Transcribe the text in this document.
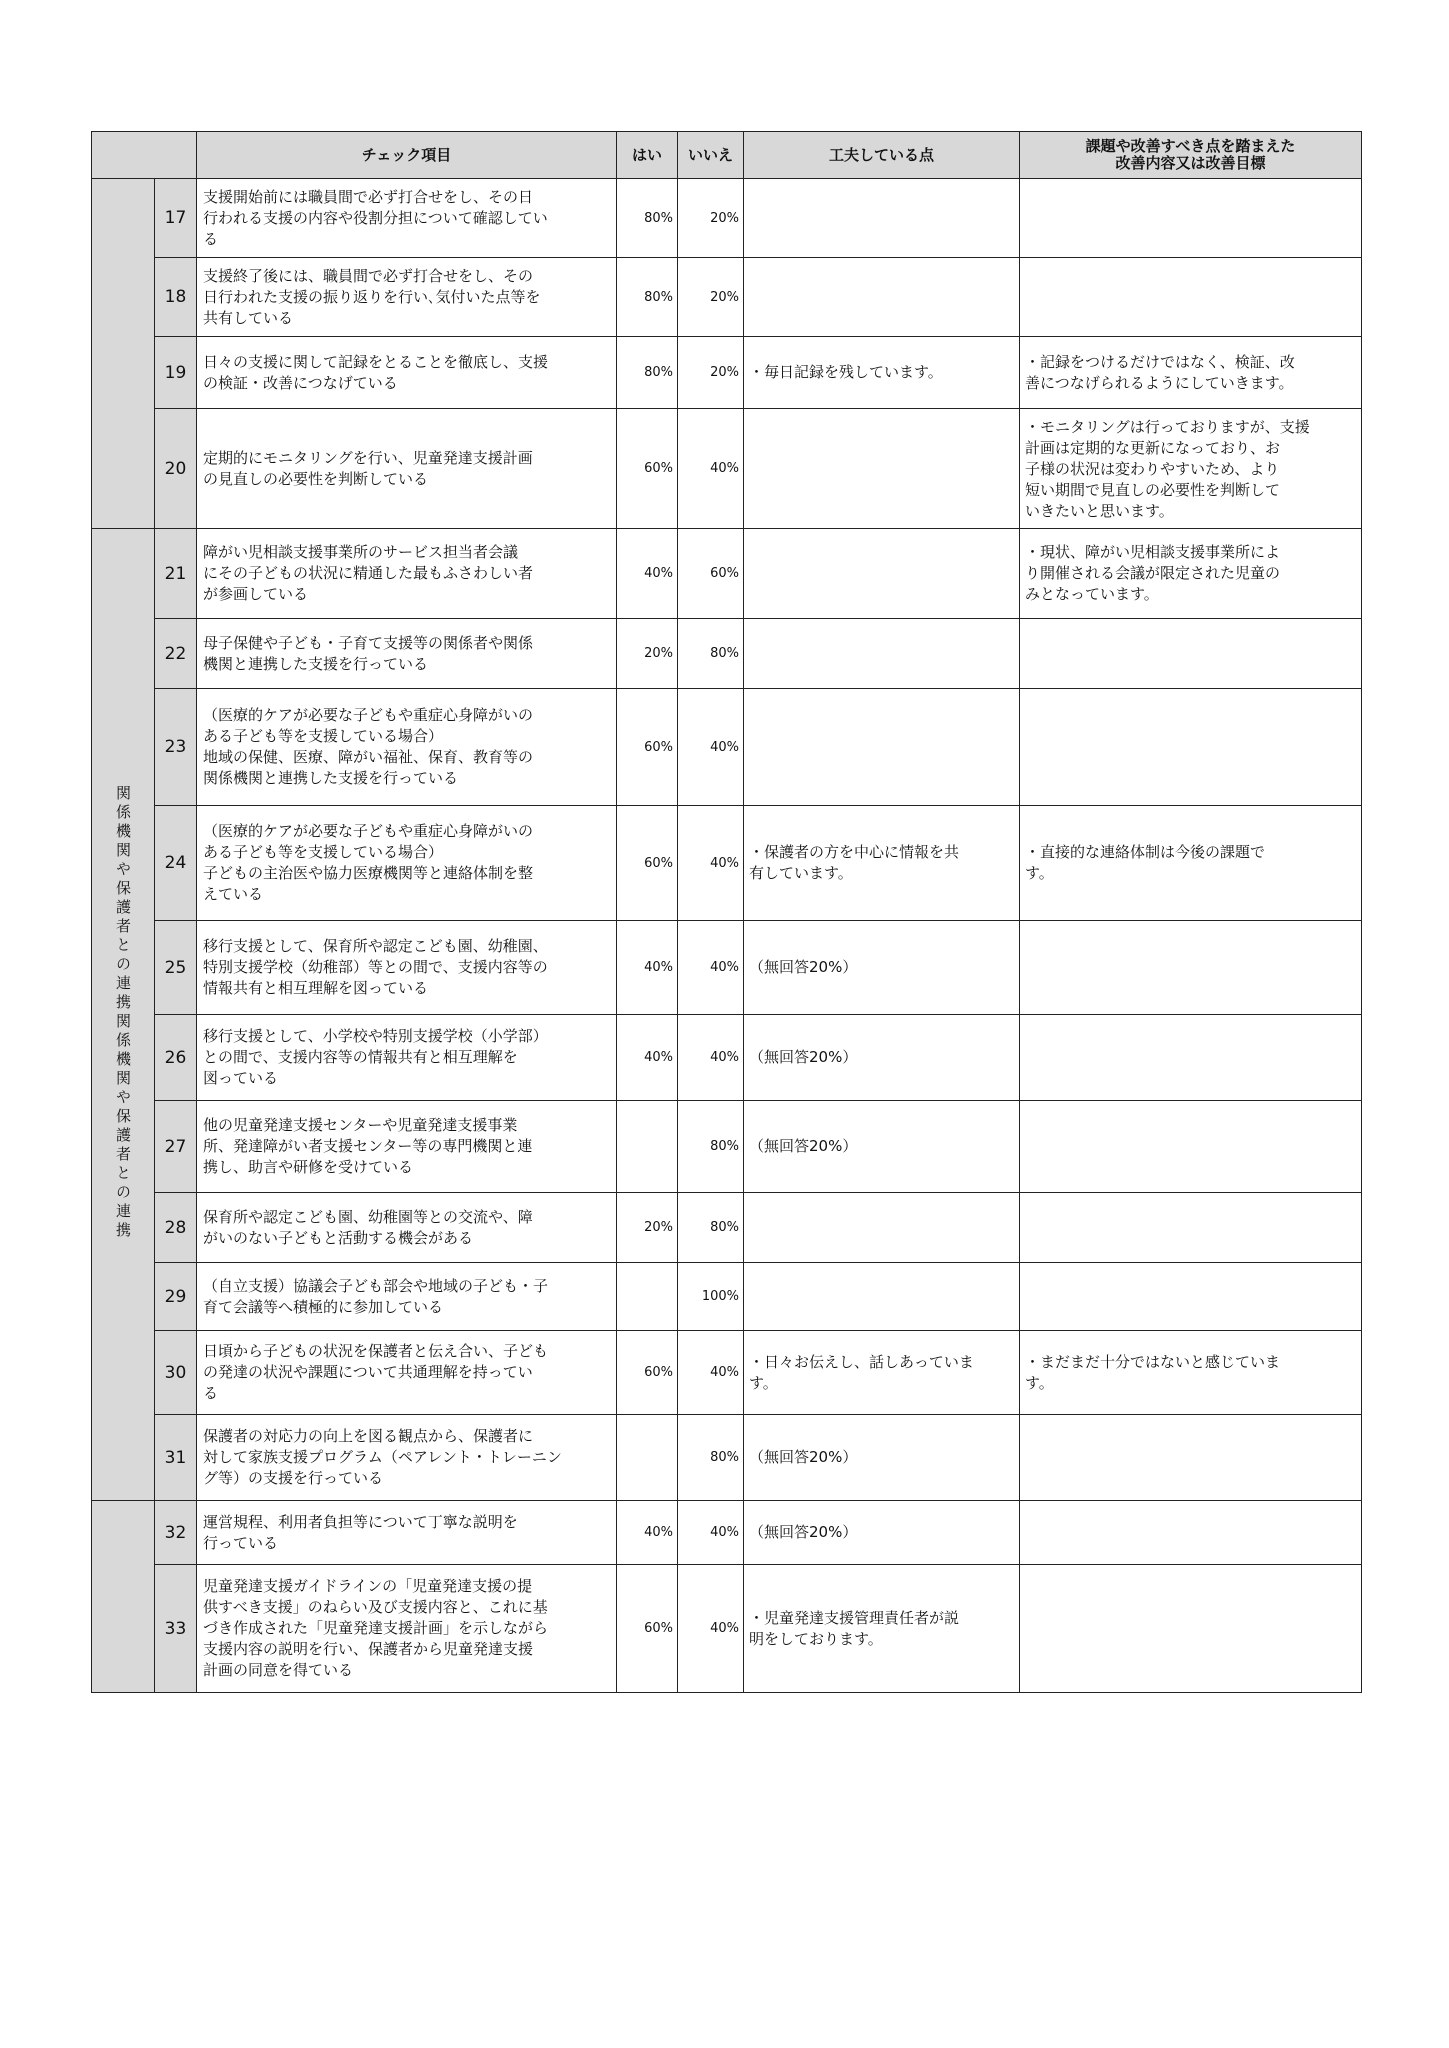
		チェック項目	はい	いいえ	工夫している点	課題や改善すべき点を踏まえた
改善内容又は改善目標
	17	支援開始前には職員間で必ず打合せをし、その日
行われる支援の内容や役割分担について確認してい
る	80%	20%		
	18	支援終了後には、職員間で必ず打合せをし、その
日行われた支援の振り返りを行い､気付いた点等を
共有している	80%	20%		
	19	日々の支援に関して記録をとることを徹底し、支援
の検証・改善につなげている	80%	20%	・毎日記録を残しています。	・記録をつけるだけではなく、検証、改
善につなげられるようにしていきます。
	20	定期的にモニタリングを行い、児童発達支援計画
の見直しの必要性を判断している	60%	40%		・モニタリングは行っておりますが、支援
計画は定期的な更新になっており、お
子様の状況は変わりやすいため、より
短い期間で見直しの必要性を判断して
いきたいと思います。
関係機関や保護者との連携関係機関や保護者との連携	21	障がい児相談支援事業所のサービス担当者会議
にその子どもの状況に精通した最もふさわしい者
が参画している	40%	60%		・現状、障がい児相談支援事業所によ
り開催される会議が限定された児童の
みとなっています。
	22	母子保健や子ども・子育て支援等の関係者や関係
機関と連携した支援を行っている	20%	80%		
	23	（医療的ケアが必要な子どもや重症心身障がいの
ある子ども等を支援している場合）
地域の保健、医療、障がい福祉、保育、教育等の
関係機関と連携した支援を行っている	60%	40%		
	24	（医療的ケアが必要な子どもや重症心身障がいの
ある子ども等を支援している場合）
子どもの主治医や協力医療機関等と連絡体制を整
えている	60%	40%	・保護者の方を中心に情報を共
有しています。	・直接的な連絡体制は今後の課題で
す。
	25	移行支援として、保育所や認定こども園、幼稚園、
特別支援学校（幼稚部）等との間で、支援内容等の
情報共有と相互理解を図っている	40%	40%	（無回答20%）	
	26	移行支援として、小学校や特別支援学校（小学部）
との間で、支援内容等の情報共有と相互理解を
図っている	40%	40%	（無回答20%）	
	27	他の児童発達支援センターや児童発達支援事業
所、発達障がい者支援センター等の専門機関と連
携し、助言や研修を受けている		80%	（無回答20%）	
	28	保育所や認定こども園、幼稚園等との交流や、障
がいのない子どもと活動する機会がある	20%	80%		
	29	（自立支援）協議会子ども部会や地域の子ども・子
育て会議等へ積極的に参加している		100%		
	30	日頃から子どもの状況を保護者と伝え合い、子ども
の発達の状況や課題について共通理解を持ってい
る	60%	40%	・日々お伝えし、話しあっていま
す。	・まだまだ十分ではないと感じていま
す。
	31	保護者の対応力の向上を図る観点から、保護者に
対して家族支援プログラム（ペアレント・トレーニン
グ等）の支援を行っている		80%	（無回答20%）	
	32	運営規程、利用者負担等について丁寧な説明を
行っている	40%	40%	（無回答20%）	
	33	児童発達支援ガイドラインの「児童発達支援の提
供すべき支援」のねらい及び支援内容と、これに基
づき作成された「児童発達支援計画」を示しながら
支援内容の説明を行い、保護者から児童発達支援
計画の同意を得ている	60%	40%	・児童発達支援管理責任者が説
明をしております。	
